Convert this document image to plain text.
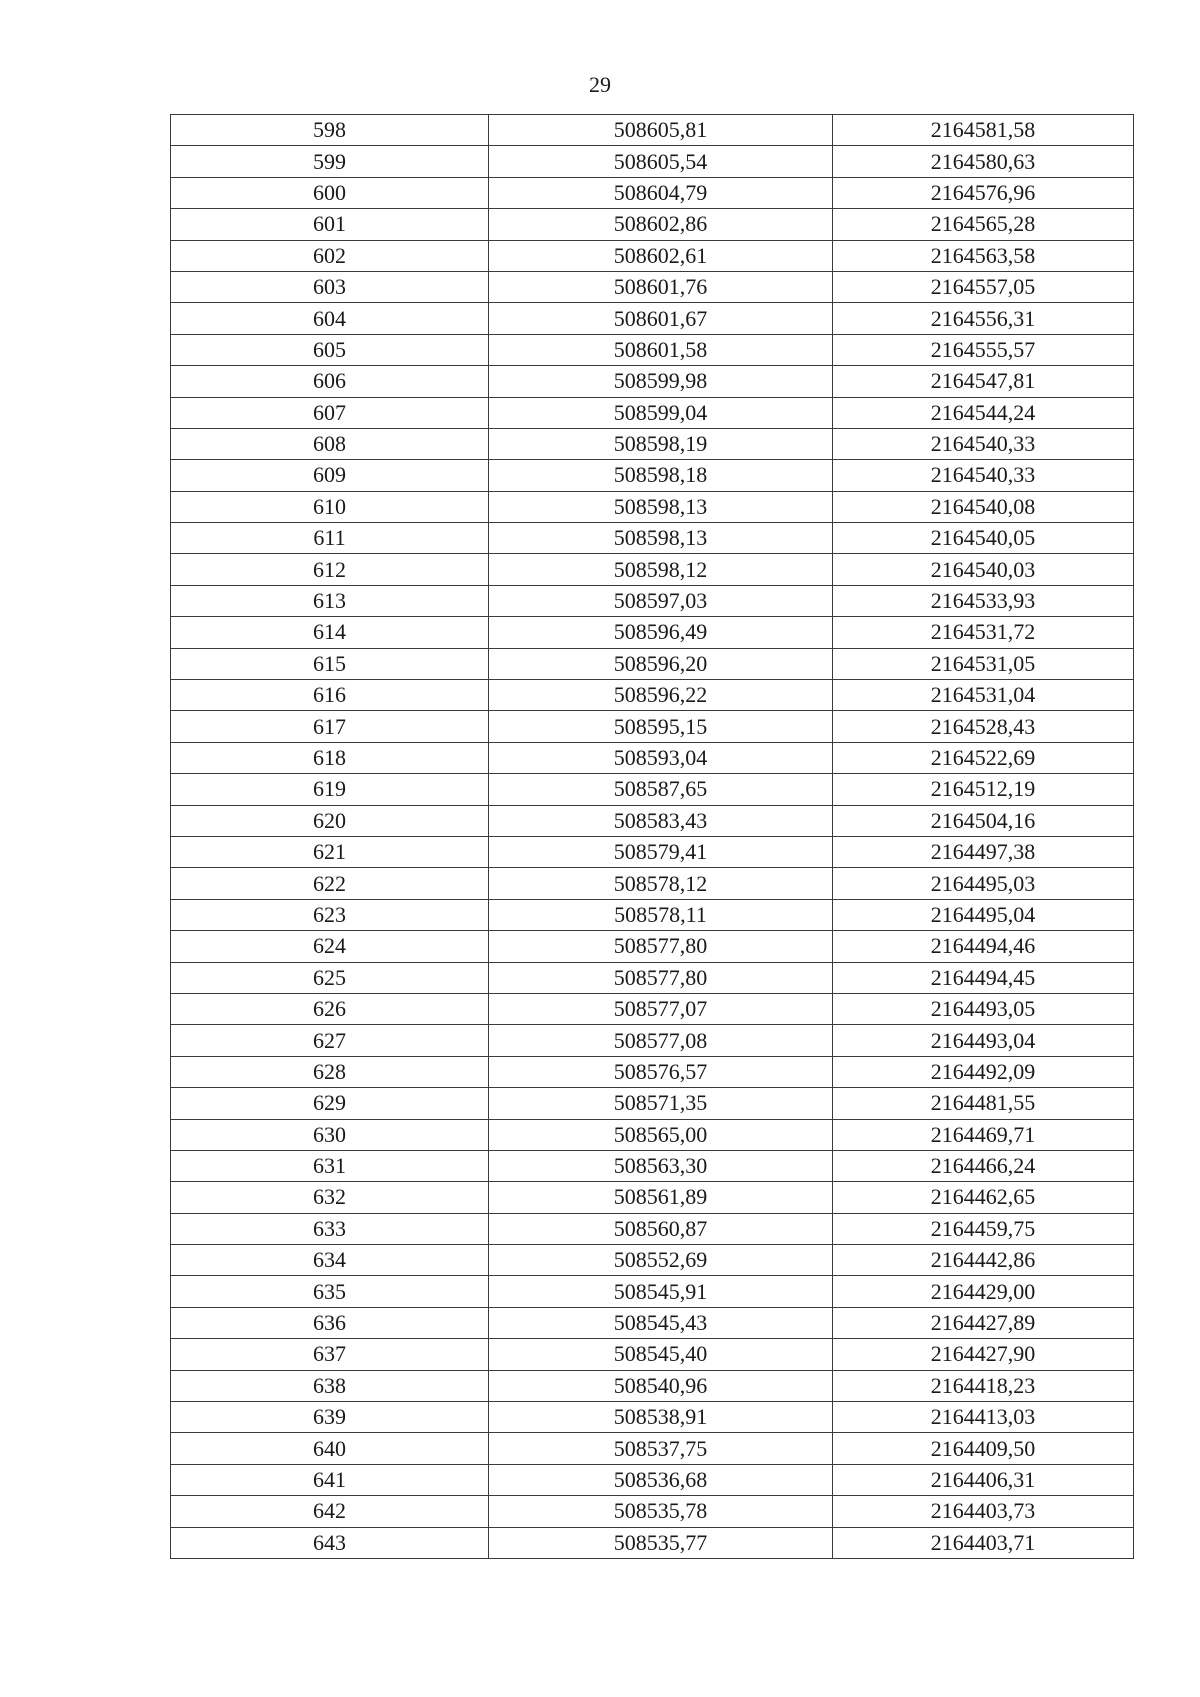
29
598	508605,81	2164581,58
599	508605,54	2164580,63
600	508604,79	2164576,96
601	508602,86	2164565,28
602	508602,61	2164563,58
603	508601,76	2164557,05
604	508601,67	2164556,31
605	508601,58	2164555,57
606	508599,98	2164547,81
607	508599,04	2164544,24
608	508598,19	2164540,33
609	508598,18	2164540,33
610	508598,13	2164540,08
611	508598,13	2164540,05
612	508598,12	2164540,03
613	508597,03	2164533,93
614	508596,49	2164531,72
615	508596,20	2164531,05
616	508596,22	2164531,04
617	508595,15	2164528,43
618	508593,04	2164522,69
619	508587,65	2164512,19
620	508583,43	2164504,16
621	508579,41	2164497,38
622	508578,12	2164495,03
623	508578,11	2164495,04
624	508577,80	2164494,46
625	508577,80	2164494,45
626	508577,07	2164493,05
627	508577,08	2164493,04
628	508576,57	2164492,09
629	508571,35	2164481,55
630	508565,00	2164469,71
631	508563,30	2164466,24
632	508561,89	2164462,65
633	508560,87	2164459,75
634	508552,69	2164442,86
635	508545,91	2164429,00
636	508545,43	2164427,89
637	508545,40	2164427,90
638	508540,96	2164418,23
639	508538,91	2164413,03
640	508537,75	2164409,50
641	508536,68	2164406,31
642	508535,78	2164403,73
643	508535,77	2164403,71
